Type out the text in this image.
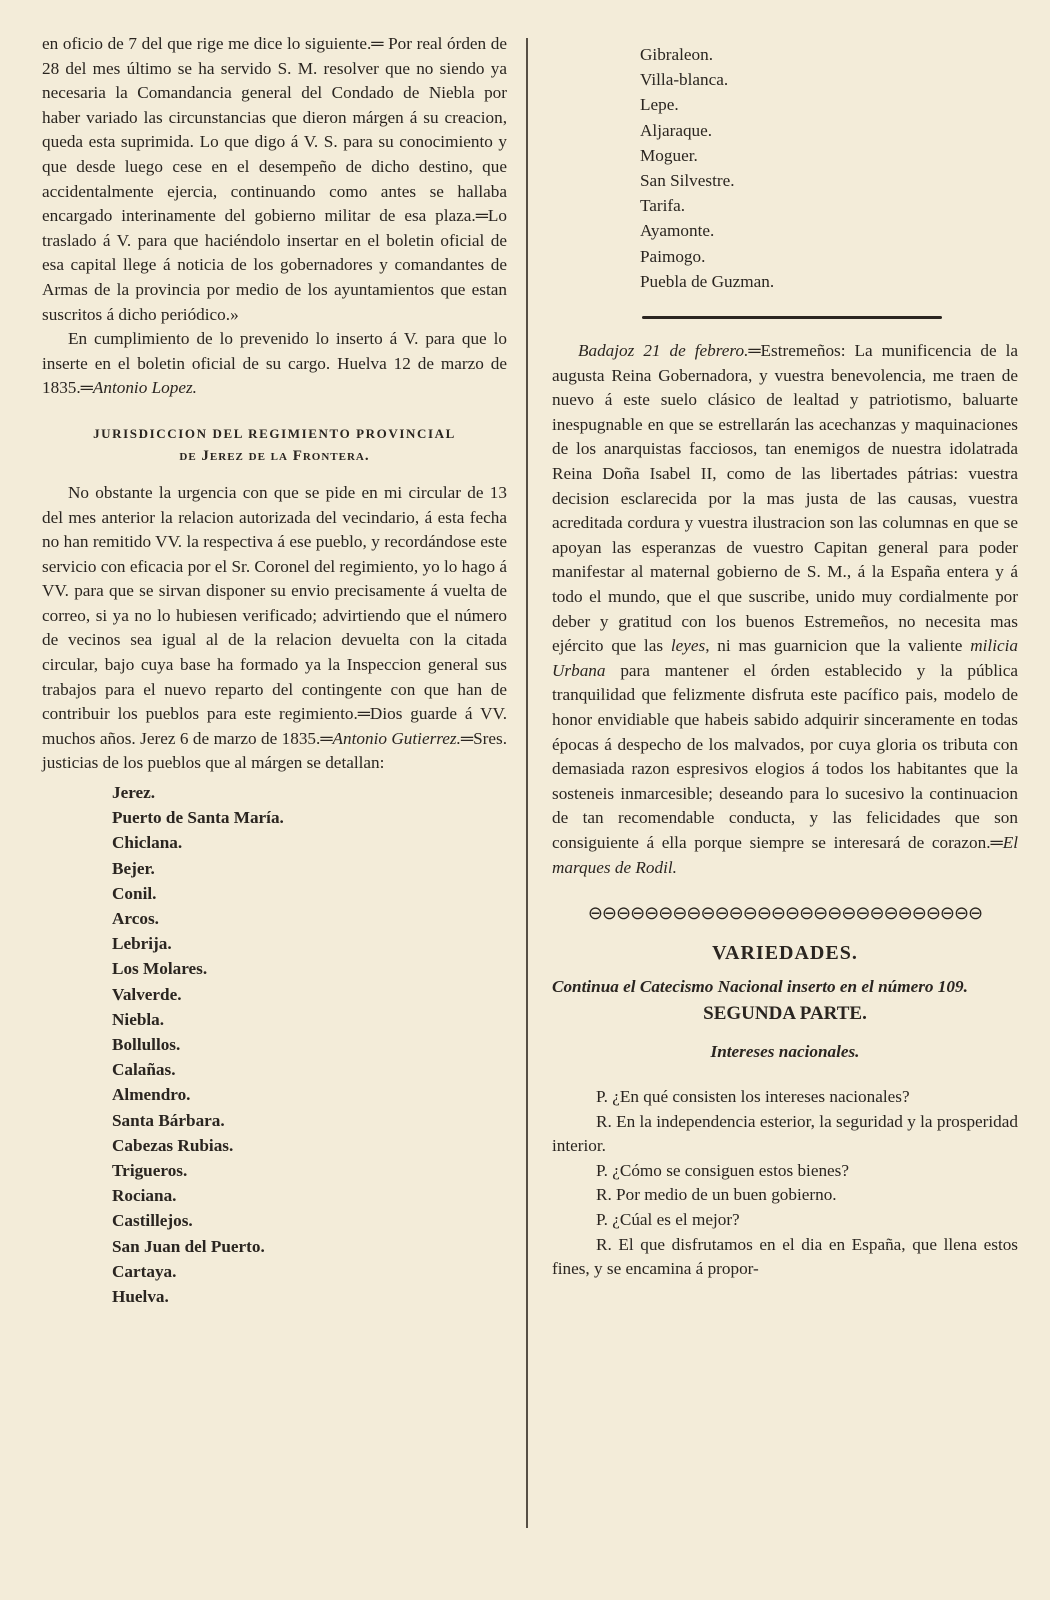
en oficio de 7 del que rige me dice lo siguiente.═ Por real órden de 28 del mes último se ha servido S. M. resolver que no siendo ya necesaria la Comandancia general del Condado de Niebla por haber variado las circunstancias que dieron márgen á su creacion, queda esta suprimida. Lo que digo á V. S. para su conocimiento y que desde luego cese en el desempeño de dicho destino, que accidentalmente ejercia, continuando como antes se hallaba encargado interinamente del gobierno militar de esa plaza.═Lo traslado á V. para que haciéndolo insertar en el boletin oficial de esa capital llege á noticia de los gobernadores y comandantes de Armas de la provincia por medio de los ayuntamientos que estan suscritos á dicho periódico.»

En cumplimiento de lo prevenido lo inserto á V. para que lo inserte en el boletin oficial de su cargo. Huelva 12 de marzo de 1835.═Antonio Lopez.

JURISDICCION DEL REGIMIENTO PROVINCIAL
de Jerez de la Frontera.

No obstante la urgencia con que se pide en mi circular de 13 del mes anterior la relacion autorizada del vecindario, á esta fecha no han remitido VV. la respectiva á ese pueblo, y recordándose este servicio con eficacia por el Sr. Coronel del regimiento, yo lo hago á VV. para que se sirvan disponer su envio precisamente á vuelta de correo, si ya no lo hubiesen verificado; advirtiendo que el número de vecinos sea igual al de la relacion devuelta con la citada circular, bajo cuya base ha formado ya la Inspeccion general sus trabajos para el nuevo reparto del contingente con que han de contribuir los pueblos para este regimiento.═Dios guarde á VV. muchos años. Jerez 6 de marzo de 1835.═Antonio Gutierrez.═Sres. justicias de los pueblos que al márgen se detallan:

Jerez.
Puerto de Santa María.
Chiclana.
Bejer.
Conil.
Arcos.
Lebrija.
Los Molares.
Valverde.
Niebla.
Bollullos.
Calañas.
Almendro.
Santa Bárbara.
Cabezas Rubias.
Trigueros.
Rociana.
Castillejos.
San Juan del Puerto.
Cartaya.
Huelva.
Gibraleon.
Villa-blanca.
Lepe.
Aljaraque.
Moguer.
San Silvestre.
Tarifa.
Ayamonte.
Paimogo.
Puebla de Guzman.

Badajoz 21 de febrero.═Estremeños: La munificencia de la augusta Reina Gobernadora, y vuestra benevolencia, me traen de nuevo á este suelo clásico de lealtad y patriotismo, baluarte inespugnable en que se estrellarán las acechanzas y maquinaciones de los anarquistas facciosos, tan enemigos de nuestra idolatrada Reina Doña Isabel II, como de las libertades pátrias: vuestra decision esclarecida por la mas justa de las causas, vuestra acreditada cordura y vuestra ilustracion son las columnas en que se apoyan las esperanzas de vuestro Capitan general para poder manifestar al maternal gobierno de S. M., á la España entera y á todo el mundo, que el que suscribe, unido muy cordialmente por deber y gratitud con los buenos Estremeños, no necesita mas ejército que las leyes, ni mas guarnicion que la valiente milicia Urbana para mantener el órden establecido y la pública tranquilidad que felizmente disfruta este pacífico pais, modelo de honor envidiable que habeis sabido adquirir sinceramente en todas épocas á despecho de los malvados, por cuya gloria os tributa con demasiada razon espresivos elogios á todos los habitantes que la sosteneis inmarcesible; deseando para lo sucesivo la continuacion de tan recomendable conducta, y las felicidades que son consiguiente á ella porque siempre se interesará de corazon.═El marques de Rodil.

⊖⊖⊖⊖⊖⊖⊖⊖⊖⊖⊖⊖⊖⊖⊖⊖⊖⊖⊖⊖⊖⊖⊖⊖⊖⊖⊖⊖
VARIEDADES.

Continua el Catecismo Nacional inserto en el número 109.

SEGUNDA PARTE.
Intereses nacionales.

P. ¿En qué consisten los intereses nacionales?

R. En la independencia esterior, la seguridad y la prosperidad interior.

P. ¿Cómo se consiguen estos bienes?

R. Por medio de un buen gobierno.

P. ¿Cúal es el mejor?

R. El que disfrutamos en el dia en España, que llena estos fines, y se encamina á propor-
